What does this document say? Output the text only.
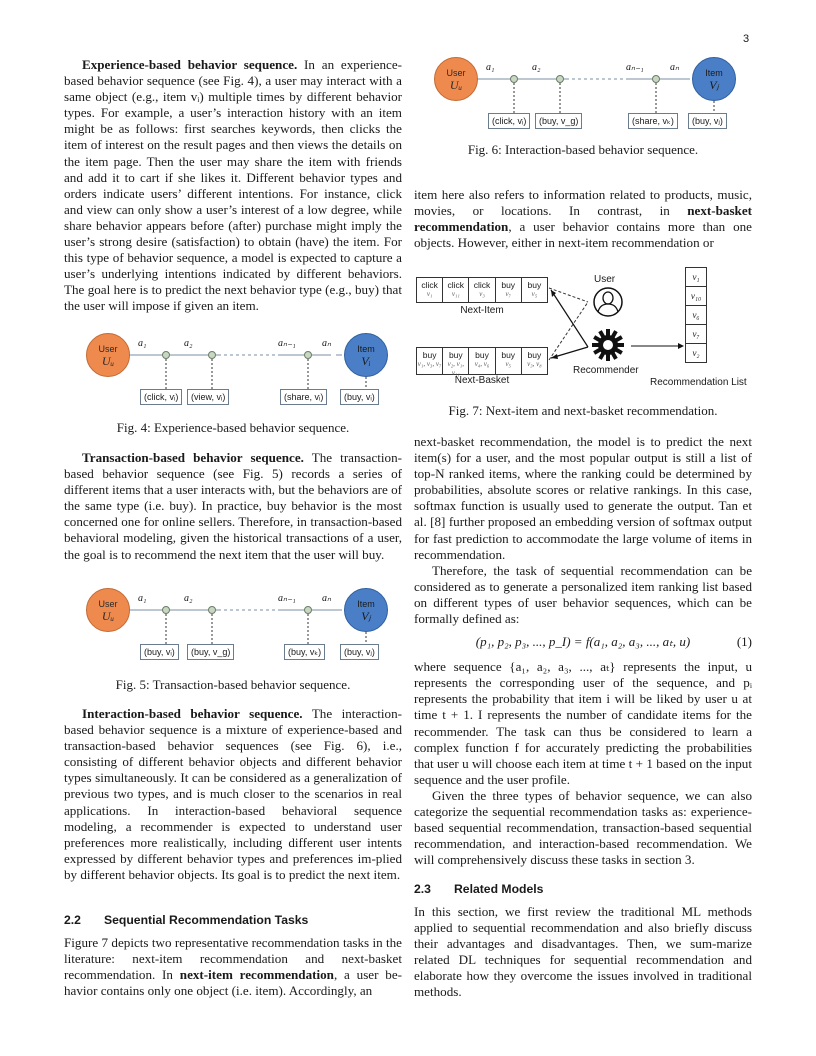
3

Experience-based behavior sequence. In an experience-based behavior sequence (see Fig. 4), a user may interact with a same object (e.g., item vᵢ) multiple times by different behavior types. For example, a user’s interaction history with an item might be as follows: first searches keywords, then clicks the item of interest on the result pages and then views the details on the item page. Then the user may share the item with friends and add it to cart if she likes it. Different behavior types and orders indicate users’ different intentions. For instance, click and view can only show a user’s interest of a low degree, while share behavior appears before (after) purchase might imply the user’s strong desire (satisfaction) to obtain (have) the item. For this type of behavior sequence, a model is expected to capture a user’s underlying intentions indicated by different behaviors. The goal here is to predict the next behavior type (e.g., buy) that the user will impose if given an item.

User
Uᵤ
Item
Vᵢ
a₁	a₂	aₙ₋₁	aₙ
(click, vᵢ)	(view, vᵢ)	(share, vᵢ)	(buy, vᵢ)

Fig. 4: Experience-based behavior sequence.

Transaction-based behavior sequence. The transaction-based behavior sequence (see Fig. 5) records a series of different items that a user interacts with, but the behaviors are of the same type (i.e. buy). In practice, buy behavior is the most concerned one for online sellers. Therefore, in transaction-based behavioral modeling, given the historical transactions of a user, the goal is to recommend the next item that the user will buy.

User
Uᵤ
Item
Vⱼ
a₁	a₂	aₙ₋₁	aₙ
(buy, vᵢ)	(buy, v_g)	(buy, vₖ)	(buy, vⱼ)

Fig. 5: Transaction-based behavior sequence.

Interaction-based behavior sequence. The interaction-based behavior sequence is a mixture of experience-based and transaction-based behavior sequences (see Fig. 6), i.e., consisting of different behavior objects and different behavior types simultaneously. It can be considered as a generalization of previous two types, and is much closer to the scenarios in real applications. In interaction-based behavioral sequence modeling, a recommender is expected to understand user preferences more realistically, including different user intents expressed by different behavior types and preferences im-plied by different behavior objects. Its goal is to predict the next item.

2.2 Sequential Recommendation Tasks

Figure 7 depicts two representative recommendation tasks in the literature: next-item recommendation and next-basket recommendation. In next-item recommendation, a user be-havior contains only one object (i.e. item). Accordingly, an

User
Uᵤ
Item
Vⱼ
a₁	a₂	aₙ₋₁	aₙ
(click, vᵢ)	(buy, v_g)	(share, vₖ)	(buy, vⱼ)

Fig. 6: Interaction-based behavior sequence.

item here also refers to information related to products, music, movies, or locations. In contrast, in next-basket recommendation, a user behavior contains more than one objects. However, either in next-item recommendation or

click
v₁
click
v₁₁
click
v₃
buy
v₇
buy
v₅
Next-Item
buy
v₁, v₃, v₇
buy
v₂, v₁, v₁₁
buy
v₄, v₆
buy
v₅
buy
v₃, v₈
Next-Basket
User
Recommender
v₁
v₁₀
v₆
v₇
v₂
Recommendation List

Fig. 7: Next-item and next-basket recommendation.

next-basket recommendation, the model is to predict the next item(s) for a user, and the most popular output is still a list of top-N ranked items, where the ranking could be determined by probabilities, absolute scores or relative rankings. In this case, softmax function is usually used to generate the output. Tan et al. [8] further proposed an embedding version of softmax output for fast prediction to accommodate the large volume of items in recommendation.

Therefore, the task of sequential recommendation can be considered as to generate a personalized item ranking list based on different types of user behavior sequences, which can be formally defined as:

(p₁, p₂, p₃, ..., p_I) = f(a₁, a₂, a₃, ..., aₜ, u)	(1)

where sequence {a₁, a₂, a₃, ..., aₜ} represents the input, u represents the corresponding user of the sequence, and pᵢ represents the probability that item i will be liked by user u at time t + 1. I represents the number of candidate items for the recommender. The task can thus be considered to learn a complex function f for accurately predicting the probabilities that user u will choose each item at time t + 1 based on the input sequence and the user profile.

Given the three types of behavior sequence, we can also categorize the sequential recommendation tasks as: experience-based sequential recommendation, transaction-based sequential recommendation, and interaction-based recommendation. We will comprehensively discuss these tasks in section 3.

2.3 Related Models

In this section, we first review the traditional ML methods applied to sequential recommendation and also briefly discuss their advantages and disadvantages. Then, we sum-marize related DL techniques for sequential recommendation and elaborate how they overcome the issues involved in traditional methods.
